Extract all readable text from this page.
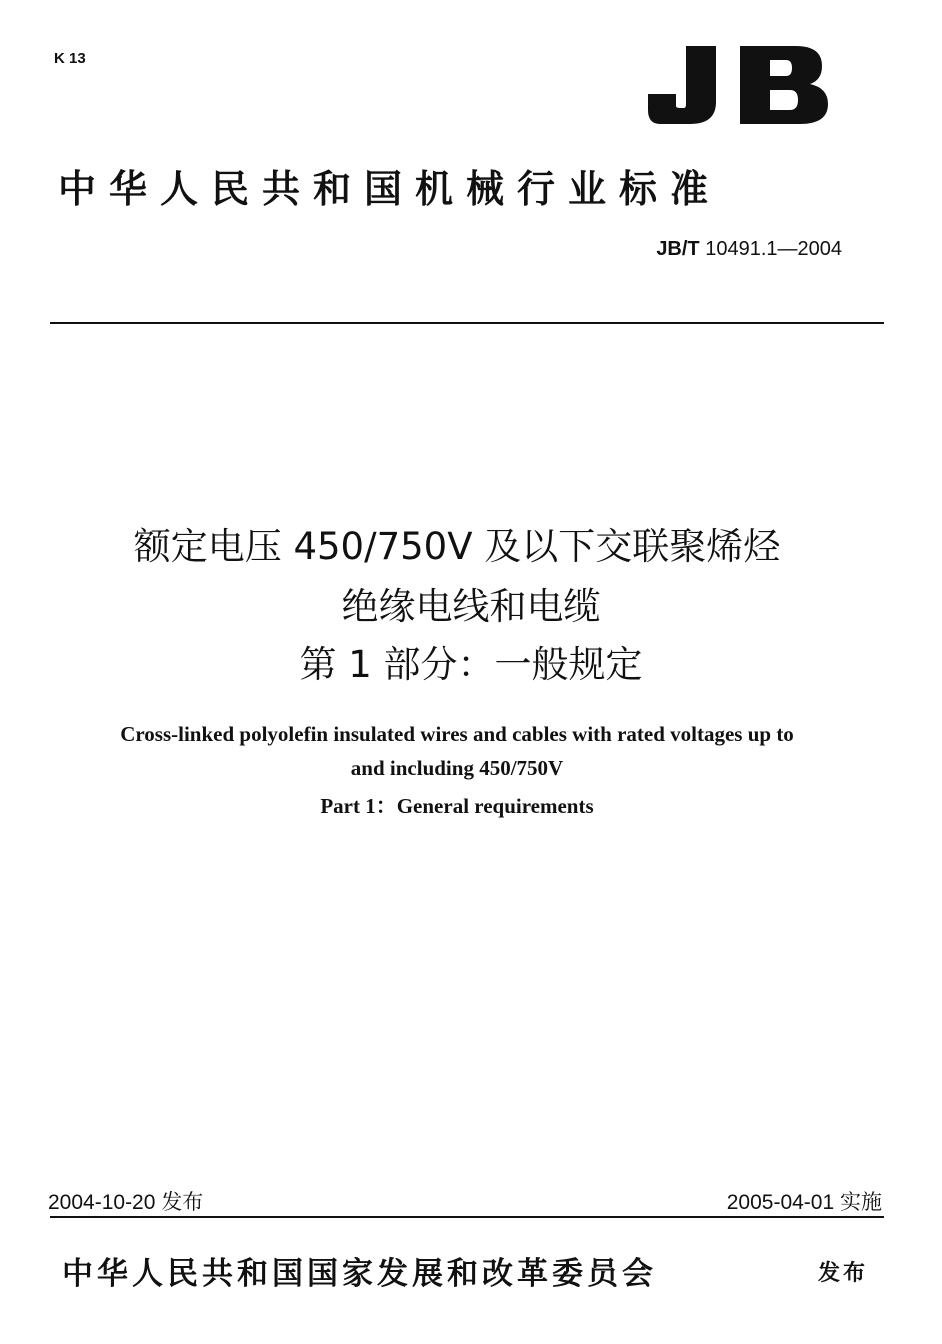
K 13
中华人民共和国机械行业标准
JB/T 10491.1—2004
额定电压 450/750V 及以下交联聚烯烃
绝缘电线和电缆
第 1 部分：一般规定
Cross-linked polyolefin insulated wires and cables with rated voltages up to
and including 450/750V
Part 1：General requirements
2004-10-20 发布	2005-04-01 实施
中华人民共和国国家发展和改革委员会	发布
